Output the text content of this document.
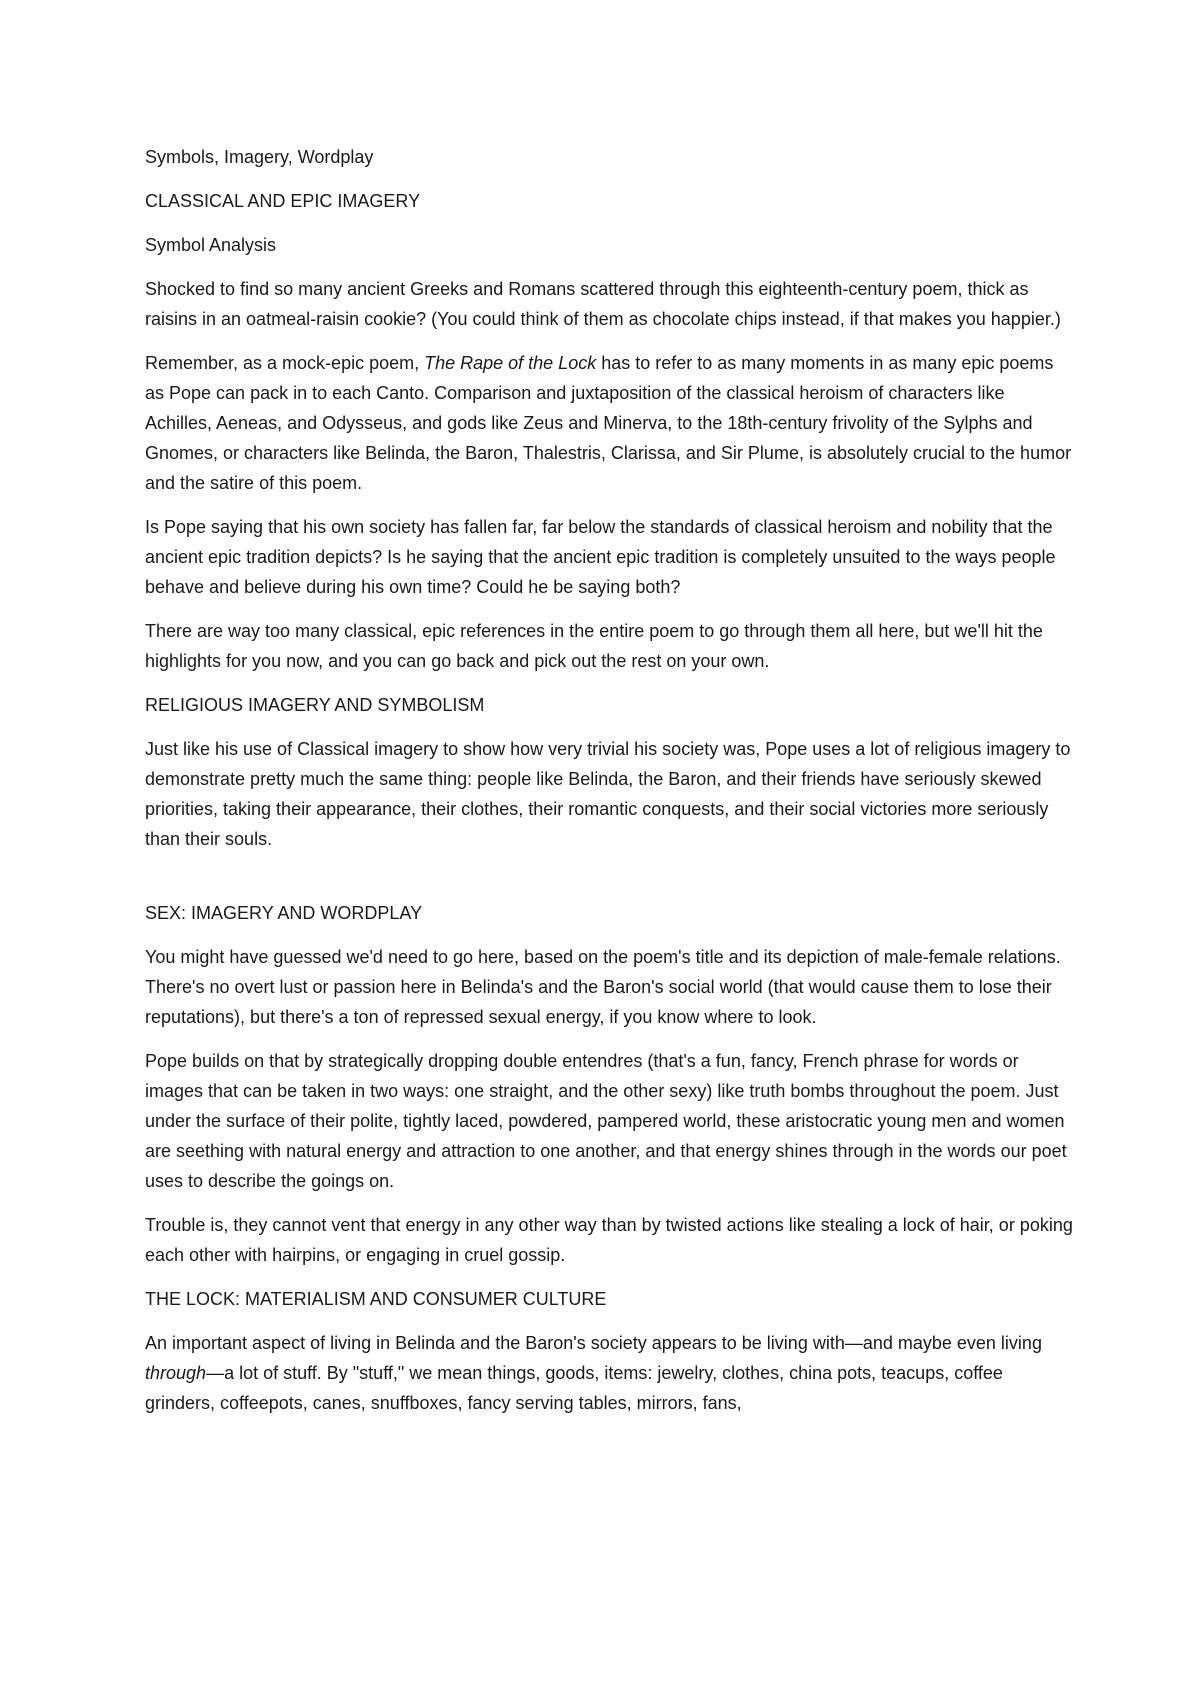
Symbols, Imagery, Wordplay

CLASSICAL AND EPIC IMAGERY

Symbol Analysis

Shocked to find so many ancient Greeks and Romans scattered through this eighteenth-century poem, thick as raisins in an oatmeal-raisin cookie? (You could think of them as chocolate chips instead, if that makes you happier.)

Remember, as a mock-epic poem, The Rape of the Lock has to refer to as many moments in as many epic poems as Pope can pack in to each Canto. Comparison and juxtaposition of the classical heroism of characters like Achilles, Aeneas, and Odysseus, and gods like Zeus and Minerva, to the 18th-century frivolity of the Sylphs and Gnomes, or characters like Belinda, the Baron, Thalestris, Clarissa, and Sir Plume, is absolutely crucial to the humor and the satire of this poem.

Is Pope saying that his own society has fallen far, far below the standards of classical heroism and nobility that the ancient epic tradition depicts? Is he saying that the ancient epic tradition is completely unsuited to the ways people behave and believe during his own time? Could he be saying both?

There are way too many classical, epic references in the entire poem to go through them all here, but we'll hit the highlights for you now, and you can go back and pick out the rest on your own.

RELIGIOUS IMAGERY AND SYMBOLISM

Just like his use of Classical imagery to show how very trivial his society was, Pope uses a lot of religious imagery to demonstrate pretty much the same thing: people like Belinda, the Baron, and their friends have seriously skewed priorities, taking their appearance, their clothes, their romantic conquests, and their social victories more seriously than their souls.

SEX: IMAGERY AND WORDPLAY

You might have guessed we'd need to go here, based on the poem's title and its depiction of male-female relations. There's no overt lust or passion here in Belinda's and the Baron's social world (that would cause them to lose their reputations), but there's a ton of repressed sexual energy, if you know where to look.

Pope builds on that by strategically dropping double entendres (that's a fun, fancy, French phrase for words or images that can be taken in two ways: one straight, and the other sexy) like truth bombs throughout the poem. Just under the surface of their polite, tightly laced, powdered, pampered world, these aristocratic young men and women are seething with natural energy and attraction to one another, and that energy shines through in the words our poet uses to describe the goings on.

Trouble is, they cannot vent that energy in any other way than by twisted actions like stealing a lock of hair, or poking each other with hairpins, or engaging in cruel gossip.

THE LOCK: MATERIALISM AND CONSUMER CULTURE

An important aspect of living in Belinda and the Baron's society appears to be living with—and maybe even living through—a lot of stuff. By "stuff," we mean things, goods, items: jewelry, clothes, china pots, teacups, coffee grinders, coffeepots, canes, snuffboxes, fancy serving tables, mirrors, fans,
